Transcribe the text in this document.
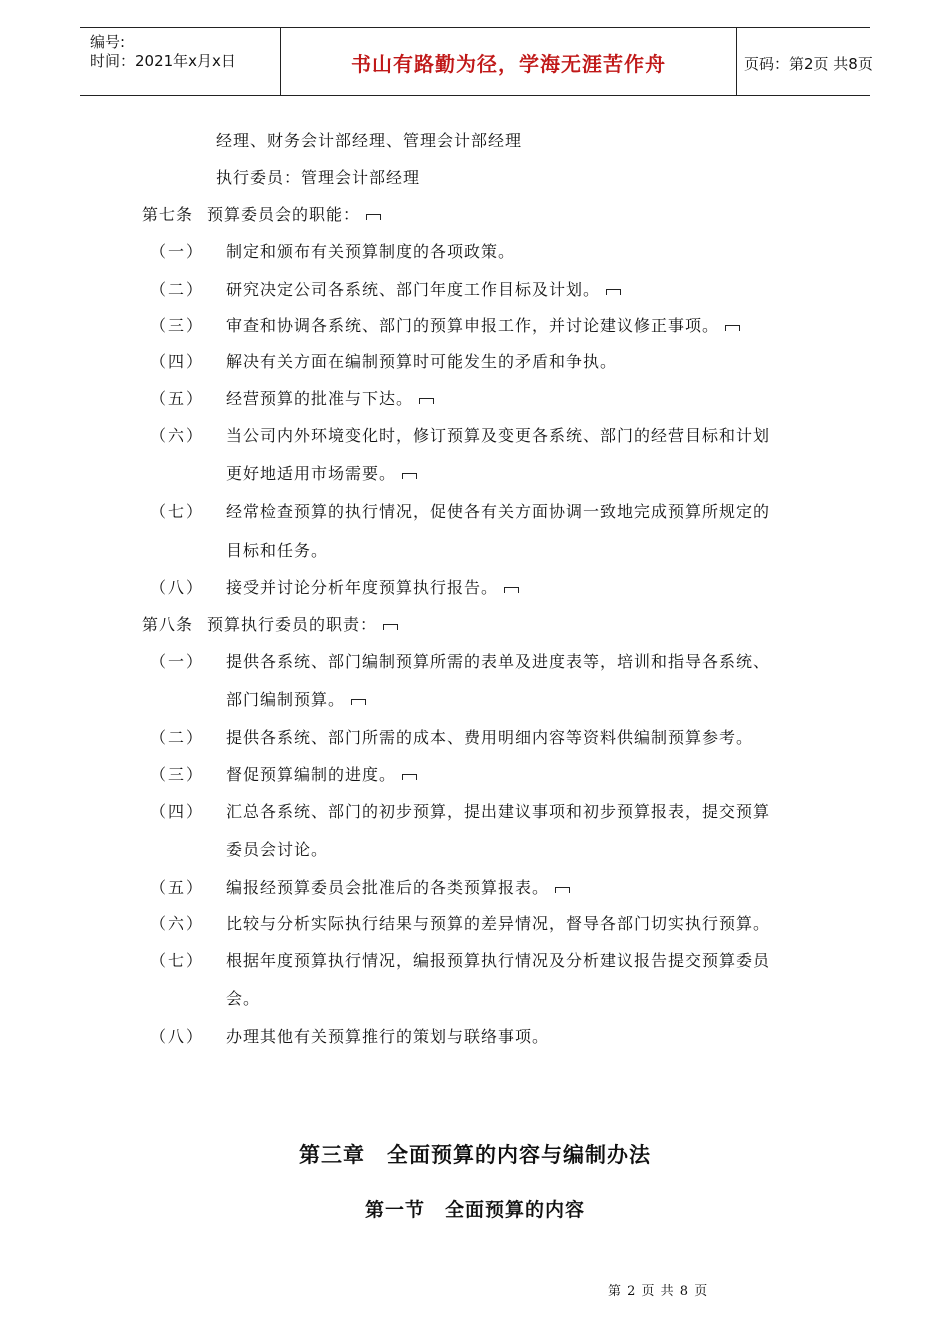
编号:
时间：2021年x月x日	书山有路勤为径，学海无涯苦作舟	页码：第2页 共8页
经理、财务会计部经理、管理会计部经理
执行委员：管理会计部经理
第七条 预算委员会的职能：
（一） 制定和颁布有关预算制度的各项政策。
（二） 研究决定公司各系统、部门年度工作目标及计划。
（三） 审查和协调各系统、部门的预算申报工作，并讨论建议修正事项。
（四） 解决有关方面在编制预算时可能发生的矛盾和争执。
（五） 经营预算的批准与下达。
（六） 当公司内外环境变化时，修订预算及变更各系统、部门的经营目标和计划
更好地适用市场需要。
（七） 经常检查预算的执行情况，促使各有关方面协调一致地完成预算所规定的
目标和任务。
（八） 接受并讨论分析年度预算执行报告。
第八条 预算执行委员的职责：
（一） 提供各系统、部门编制预算所需的表单及进度表等，培训和指导各系统、
部门编制预算。
（二） 提供各系统、部门所需的成本、费用明细内容等资料供编制预算参考。
（三） 督促预算编制的进度。
（四） 汇总各系统、部门的初步预算，提出建议事项和初步预算报表，提交预算
委员会讨论。
（五） 编报经预算委员会批准后的各类预算报表。
（六） 比较与分析实际执行结果与预算的差异情况，督导各部门切实执行预算。
（七） 根据年度预算执行情况，编报预算执行情况及分析建议报告提交预算委员
会。
（八） 办理其他有关预算推行的策划与联络事项。
第三章　全面预算的内容与编制办法
第一节　全面预算的内容
第 2 页 共 8 页
